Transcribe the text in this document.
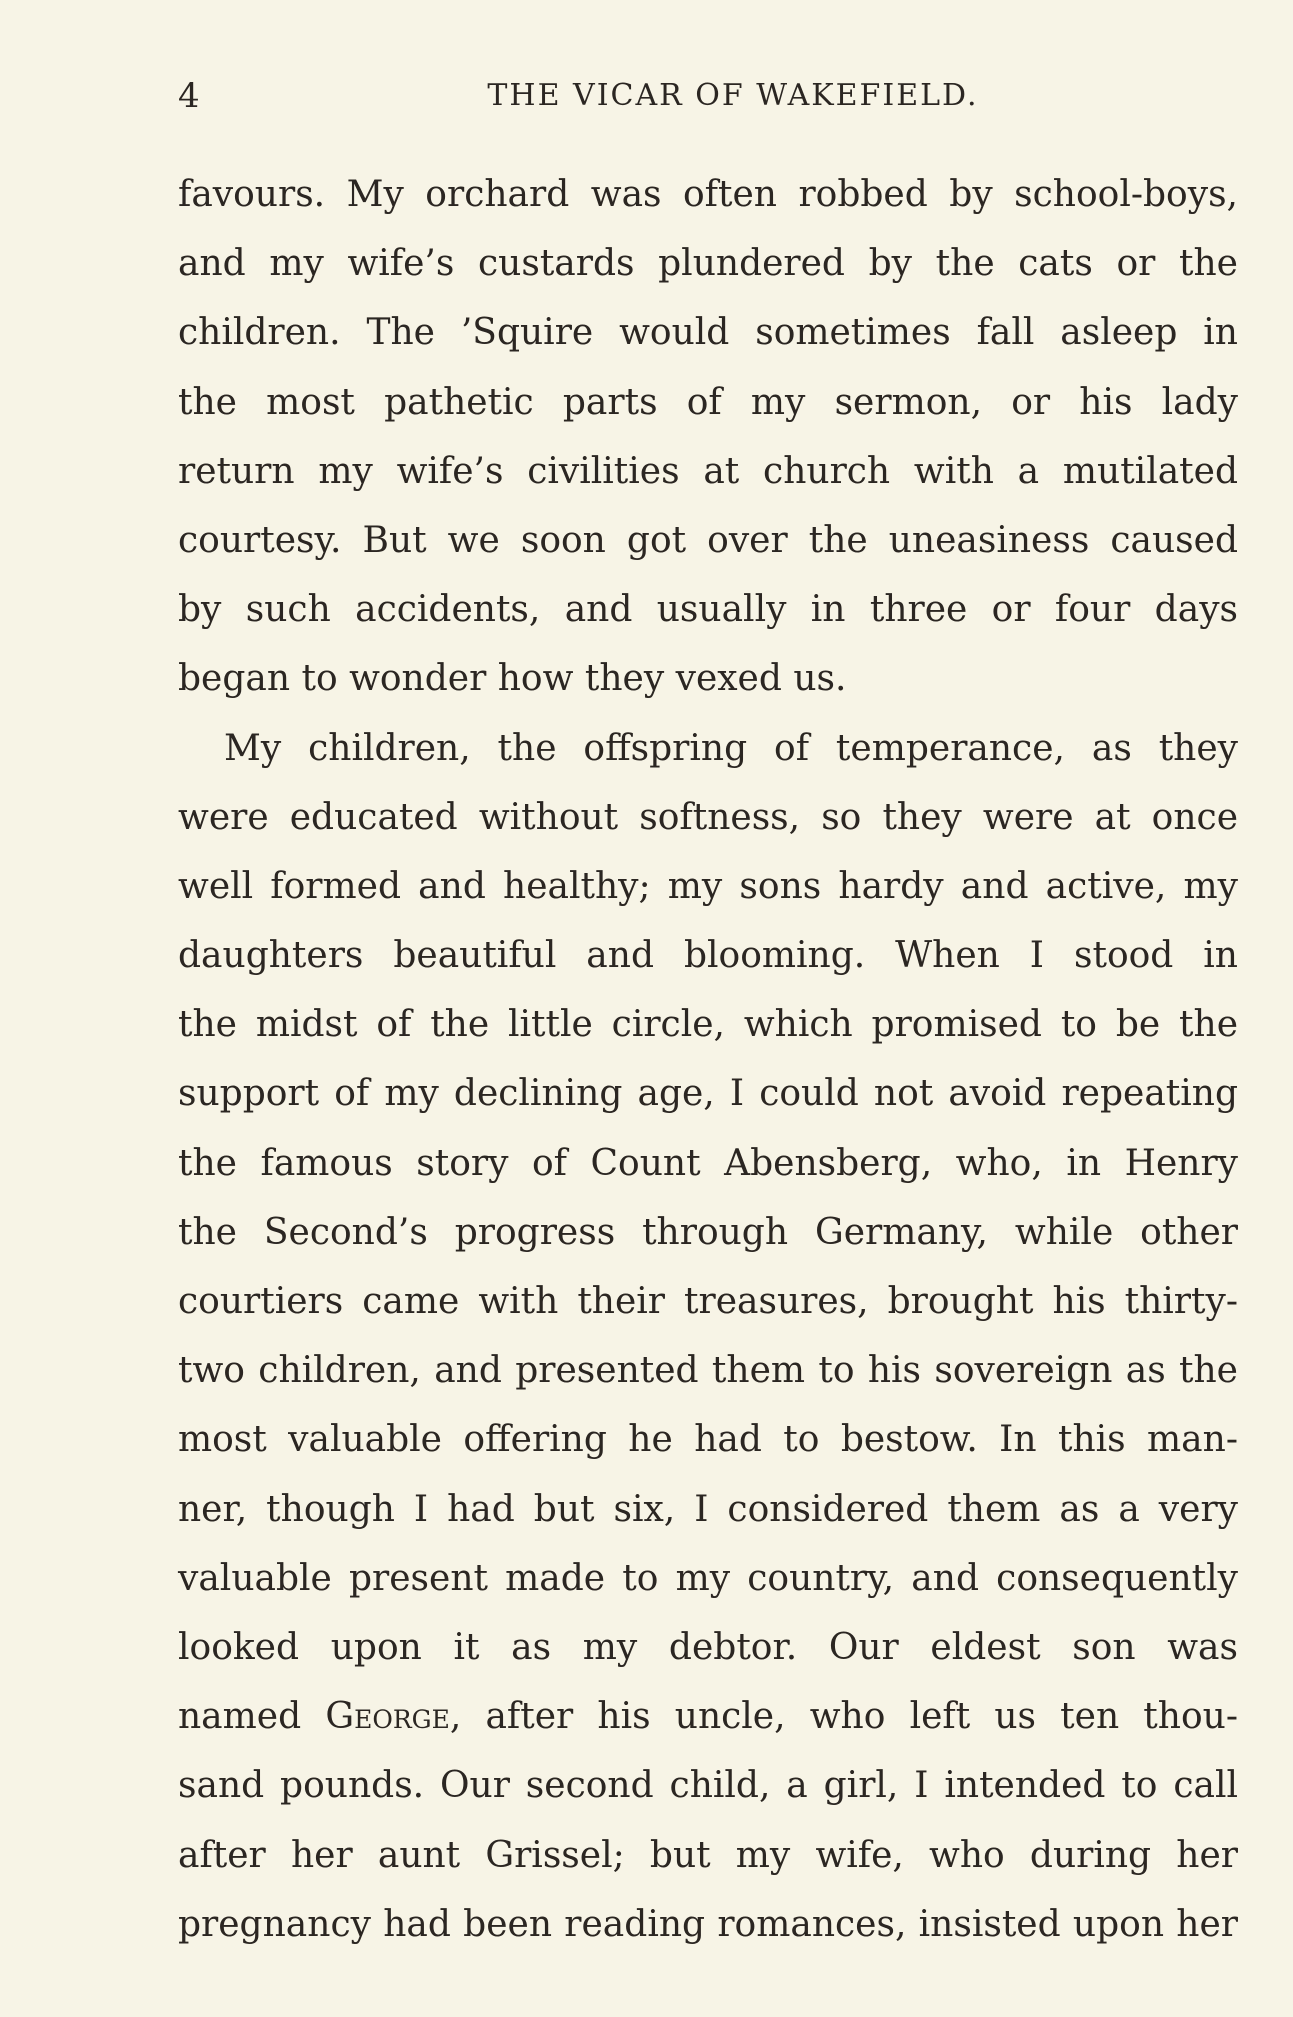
4	THE VICAR OF WAKEFIELD.
favours. My orchard was often robbed by school-boys,
and my wife’s custards plundered by the cats or the
children. The ’Squire would sometimes fall asleep in
the most pathetic parts of my sermon, or his lady
return my wife’s civilities at church with a mutilated
courtesy. But we soon got over the uneasiness caused
by such accidents, and usually in three or four days
began to wonder how they vexed us.
My children, the offspring of temperance, as they
were educated without softness, so they were at once
well formed and healthy; my sons hardy and active, my
daughters beautiful and blooming. When I stood in
the midst of the little circle, which promised to be the
support of my declining age, I could not avoid repeating
the famous story of Count Abensberg, who, in Henry
the Second’s progress through Germany, while other
courtiers came with their treasures, brought his thirty-
two children, and presented them to his sovereign as the
most valuable offering he had to bestow. In this man-
ner, though I had but six, I considered them as a very
valuable present made to my country, and consequently
looked upon it as my debtor. Our eldest son was
named George, after his uncle, who left us ten thou-
sand pounds. Our second child, a girl, I intended to call
after her aunt Grissel; but my wife, who during her
pregnancy had been reading romances, insisted upon her
